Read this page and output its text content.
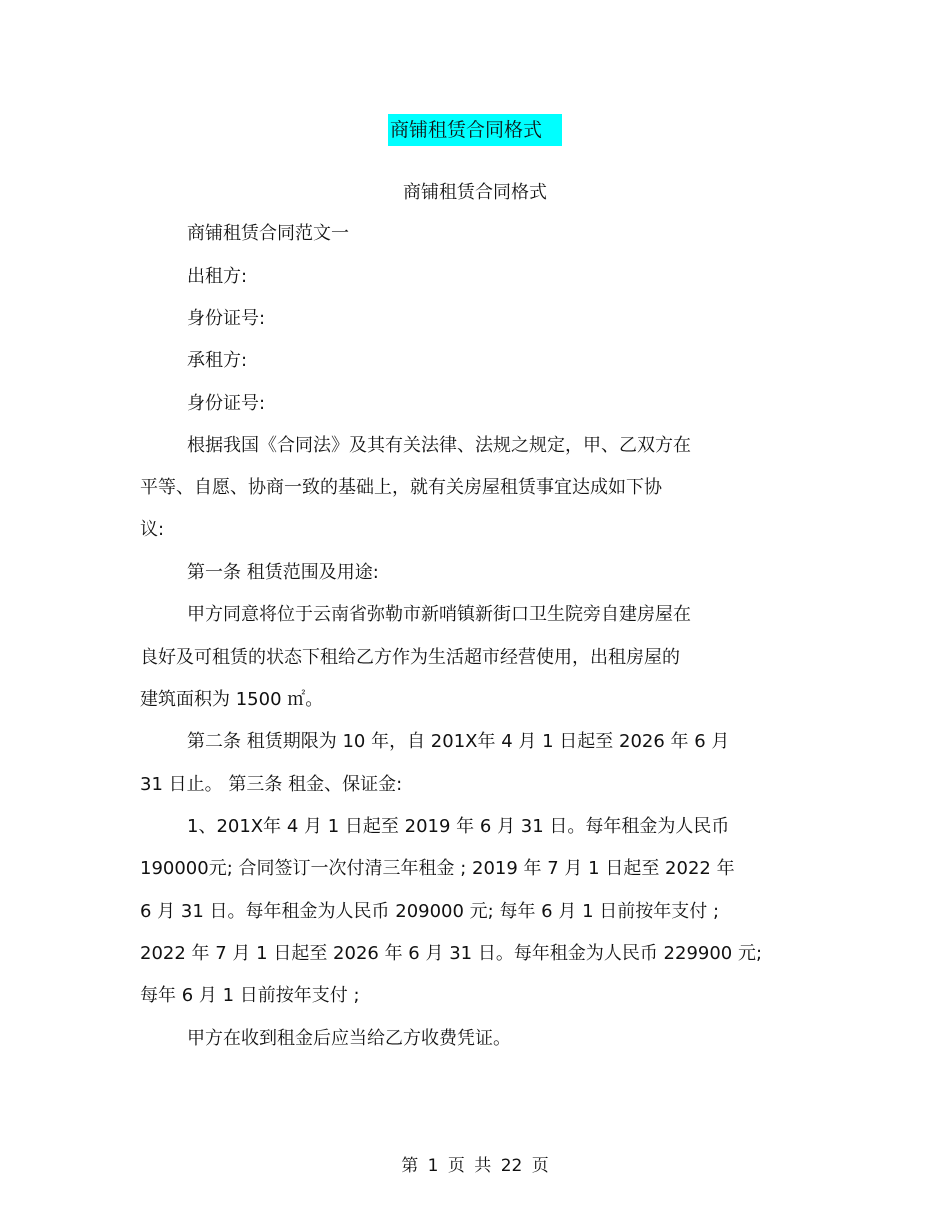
商铺租赁合同格式
商铺租赁合同格式
商铺租赁合同范文一
出租方:
身份证号:
承租方:
身份证号:
根据我国《合同法》及其有关法律、法规之规定，甲、乙双方在
平等、自愿、协商一致的基础上，就有关房屋租赁事宜达成如下协
议:
第一条 租赁范围及用途:
甲方同意将位于云南省弥勒市新哨镇新街口卫生院旁自建房屋在
良好及可租赁的状态下租给乙方作为生活超市经营使用，出租房屋的
建筑面积为 1500 ㎡。
第二条 租赁期限为 10 年，自 201X年 4 月 1 日起至 2026 年 6 月
31 日止。 第三条 租金、保证金:
1、201X年 4 月 1 日起至 2019 年 6 月 31 日。每年租金为人民币
190000元; 合同签订一次付清三年租金 ; 2019 年 7 月 1 日起至 2022 年
6 月 31 日。每年租金为人民币 209000 元; 每年 6 月 1 日前按年支付 ;
2022 年 7 月 1 日起至 2026 年 6 月 31 日。每年租金为人民币 229900 元;
每年 6 月 1 日前按年支付 ;
甲方在收到租金后应当给乙方收费凭证。
第 1 页 共 22 页
